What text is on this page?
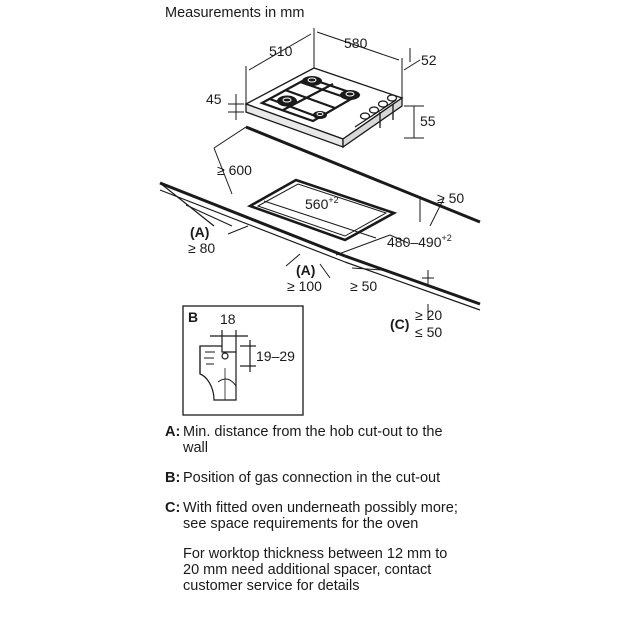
Measurements in mm
510	580
52
45
55
≥ 600
$560^{+2}$	≥ 50
$480-490^{+2}$
(A)
≥ 80
(A)
≥ 100 ≥ 50
(C)
≥ 20
≤ 50
B 18
19–29
A: Min. distance from the hob cut-out to the wall
B: Position of gas connection in the cut-out
C: With fitted oven underneath possibly more; see space requirements for the oven
For worktop thickness between 12 mm to 20 mm need additional spacer, contact customer service for details
